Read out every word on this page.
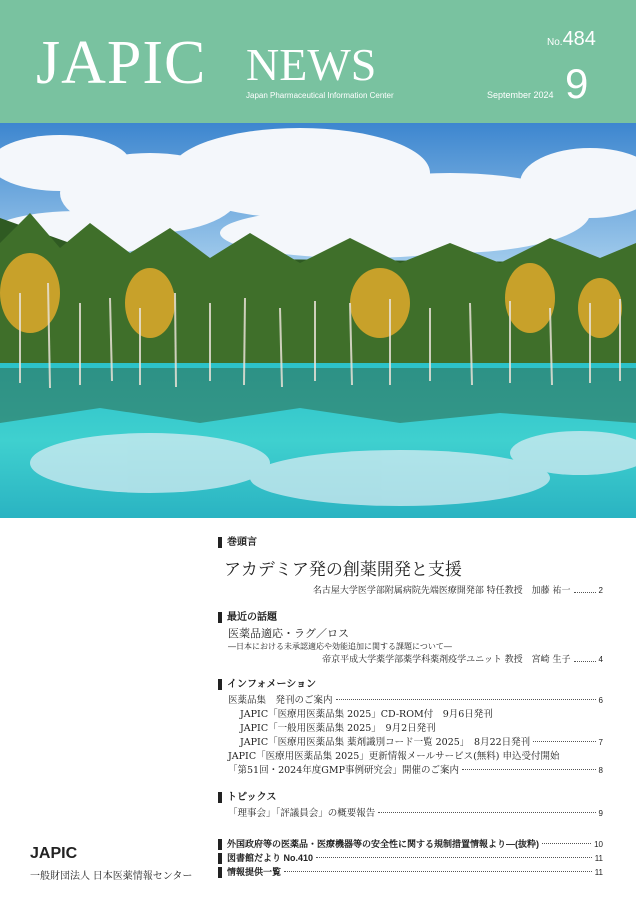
JAPIC NEWS
Japan Pharmaceutical Information Center
No.484
September 2024 9
巻頭言
アカデミア発の創薬開発と支援
名古屋大学医学部附属病院先端医療開発部 特任教授　加藤 祐一	2
最近の話題
医薬品適応・ラグ／ロス
―日本における未承認適応や効能追加に関する課題について―
帝京平成大学薬学部薬学科薬剤疫学ユニット 教授　宮崎 生子	4
インフォメーション
医薬品集　発刊のご案内	6
JAPIC「医療用医薬品集 2025」CD-ROM付　9月6日発刊
JAPIC「一般用医薬品集 2025」　9月2日発刊
JAPIC「医療用医薬品集 薬剤識別コード一覧 2025」　8月22日発刊	7
JAPIC「医療用医薬品集 2025」更新情報メールサービス(無料) 申込受付開始
「第51回・2024年度GMP事例研究会」開催のご案内	8
トピックス
「理事会」「評議員会」の概要報告	9
外国政府等の医薬品・医療機器等の安全性に関する規制措置情報より―(抜粋)	10
図書館だより No.410	11
情報提供一覧	11
JAPIC
一般財団法人 日本医薬情報センター
